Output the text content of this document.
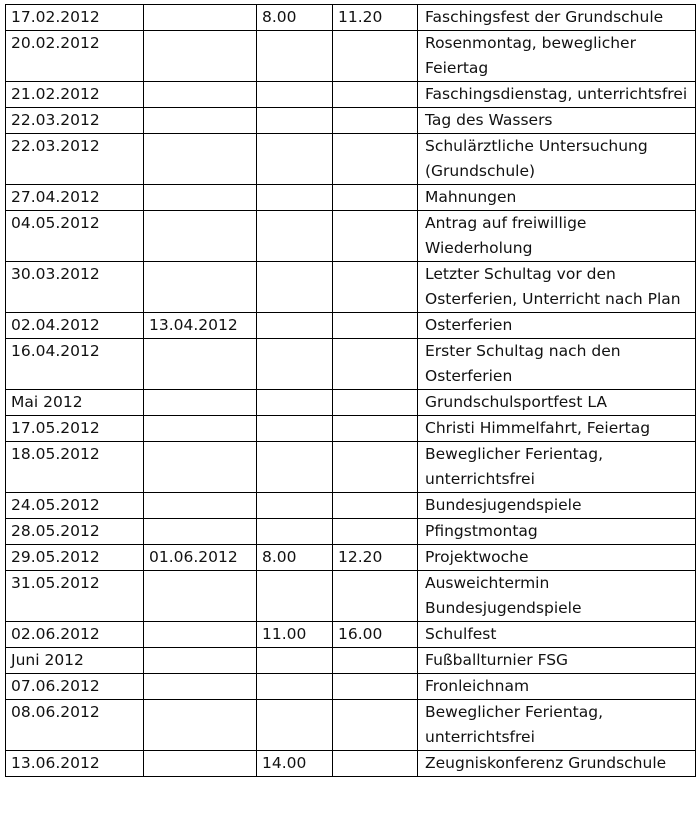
17.02.2012		8.00	11.20	Faschingsfest der Grundschule
20.02.2012				Rosenmontag, beweglicher Feiertag
21.02.2012				Faschingsdienstag, unterrichtsfrei
22.03.2012				Tag des Wassers
22.03.2012				Schulärztliche Untersuchung (Grundschule)
27.04.2012				Mahnungen
04.05.2012				Antrag auf freiwillige Wiederholung
30.03.2012				Letzter Schultag vor den Osterferien, Unterricht nach Plan
02.04.2012	13.04.2012			Osterferien
16.04.2012				Erster Schultag nach den Osterferien
Mai 2012				Grundschulsportfest LA
17.05.2012				Christi Himmelfahrt, Feiertag
18.05.2012				Beweglicher Ferientag, unterrichtsfrei
24.05.2012				Bundesjugendspiele
28.05.2012				Pfingstmontag
29.05.2012	01.06.2012	8.00	12.20	Projektwoche
31.05.2012				Ausweichtermin Bundesjugendspiele
02.06.2012		11.00	16.00	Schulfest
Juni 2012				Fußballturnier FSG
07.06.2012				Fronleichnam
08.06.2012				Beweglicher Ferientag, unterrichtsfrei
13.06.2012		14.00		Zeugniskonferenz Grundschule
